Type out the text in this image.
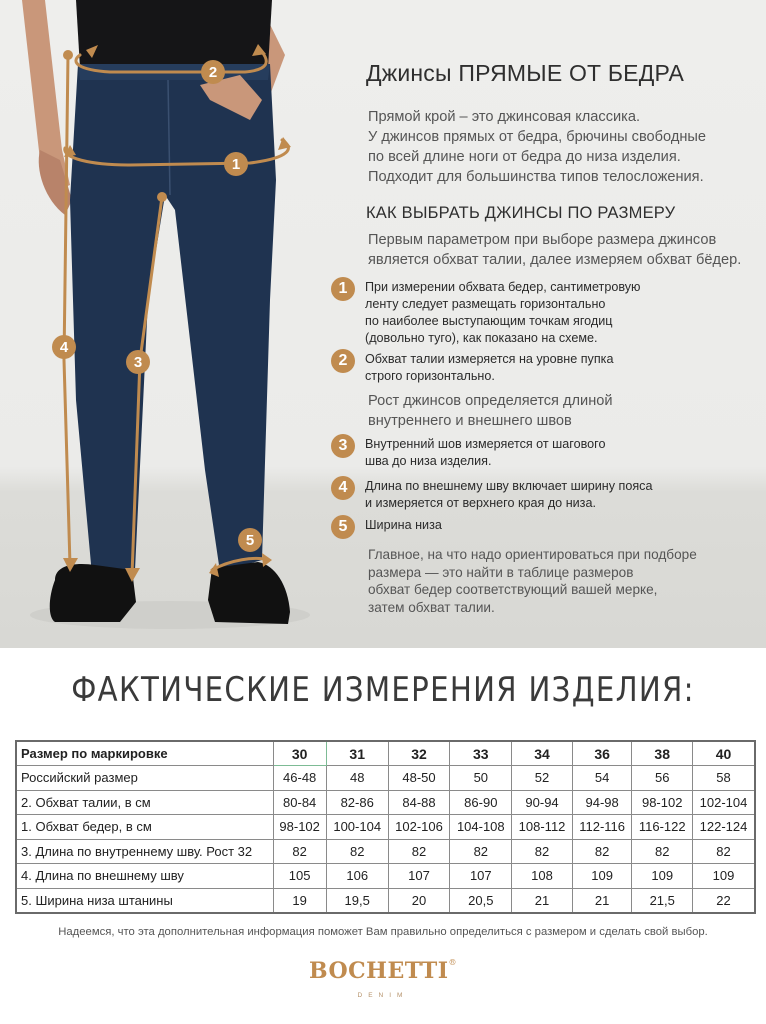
2
1
4
3
5
Джинсы ПРЯМЫЕ ОТ БЕДРА
Прямой крой – это джинсовая классика.
У джинсов прямых от бедра, брючины свободные
по всей длине ноги от бедра до низа изделия.
Подходит для большинства типов телосложения.
КАК ВЫБРАТЬ ДЖИНСЫ ПО РАЗМЕРУ
Первым параметром при выборе размера джинсов
является обхват талии, далее измеряем обхват бёдер.
1	При измерении обхвата бедер, сантиметровую
ленту следует размещать горизонтально
по наиболее выступающим точкам ягодиц
(довольно туго), как показано на схеме.
2	Обхват талии измеряется на уровне пупка
строго горизонтально.
Рост джинсов определяется длиной
внутреннего и внешнего швов
3	Внутренний шов измеряется от шагового
шва до низа изделия.
4	Длина по внешнему шву включает ширину пояса
и измеряется от верхнего края до низа.
5	Ширина низа
Главное, на что надо ориентироваться при подборе
размера — это найти в таблице размеров
обхват бедер соответствующий вашей мерке,
затем обхват талии.
ФАКТИЧЕСКИЕ ИЗМЕРЕНИЯ ИЗДЕЛИЯ:
Размер по маркировке	30	31	32	33	34	36	38	40
Российский размер	46-48	48	48-50	50	52	54	56	58
2. Обхват талии, в см	80-84	82-86	84-88	86-90	90-94	94-98	98-102	102-104
1. Обхват бедер, в см	98-102	100-104	102-106	104-108	108-112	112-116	116-122	122-124
3. Длина по внутреннему шву. Рост 32	82	82	82	82	82	82	82	82
4. Длина по внешнему шву	105	106	107	107	108	109	109	109
5. Ширина низа штанины	19	19,5	20	20,5	21	21	21,5	22
Надеемся, что эта дополнительная информация поможет Вам правильно определиться с размером и сделать свой выбор.
BOCHETTI®
DENIM
